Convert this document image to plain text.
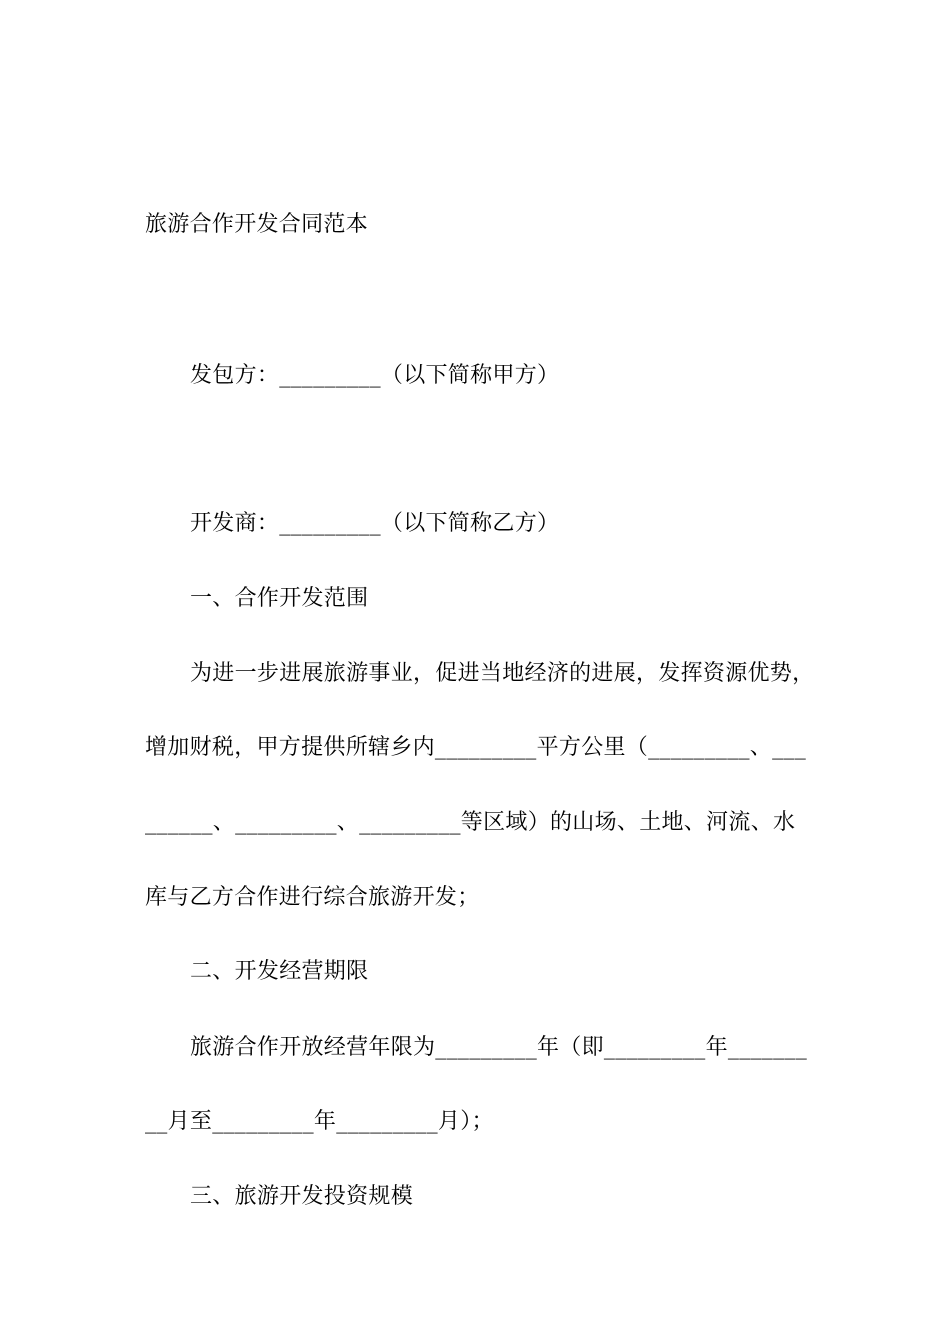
旅游合作开发合同范本
发包方：_________（以下简称甲方）
开发商：_________（以下简称乙方）
一、合作开发范围
为进一步进展旅游事业，促进当地经济的进展，发挥资源优势，
增加财税，甲方提供所辖乡内_________平方公里（_________、___
______、_________、_________等区域）的山场、土地、河流、水
库与乙方合作进行综合旅游开发；
二、开发经营期限
旅游合作开放经营年限为_________年（即_________年_______
__月至_________年_________月）；
三、旅游开发投资规模
